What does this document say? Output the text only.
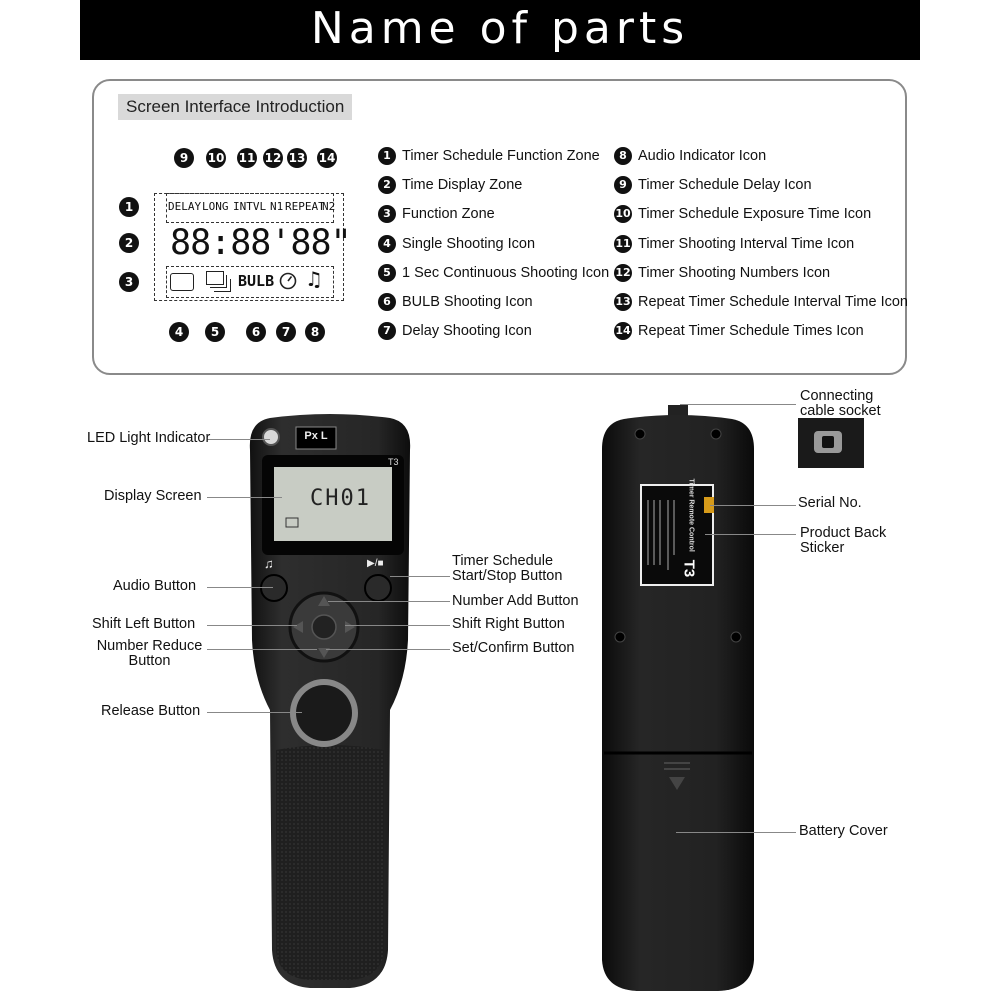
Name of parts
Screen Interface Introduction
DELAY LONG INTVL N1 REPEAT
N2
88:88'88"
BULB ♫
1 Timer Schedule Function Zone
2 Time Display Zone
3 Function Zone
4 Single Shooting Icon
5 1 Sec Continuous Shooting Icon
6 BULB Shooting Icon
7 Delay Shooting Icon
8 Audio Indicator Icon
9 Timer Schedule Delay Icon
10 Timer Schedule Exposure Time Icon
11 Timer Shooting Interval Time Icon
12 Timer Shooting Numbers Icon
13 Repeat Timer Schedule Interval Time Icon
14 Repeat Timer Schedule Times Icon
9	10 11 12 13 14
1
2
3
4	5	6	7	8
Px L
T3
CH01
♫	▶/■	T3
Timer Remote Control
LED Light Indicator
Display Screen
Audio Button
Shift Left Button
Number Reduce Button
Release Button
Timer Schedule Start/Stop Button
Number Add Button
Shift Right Button
Set/Confirm Button
Connecting cable socket
Serial No.
Product Back Sticker
Battery Cover
